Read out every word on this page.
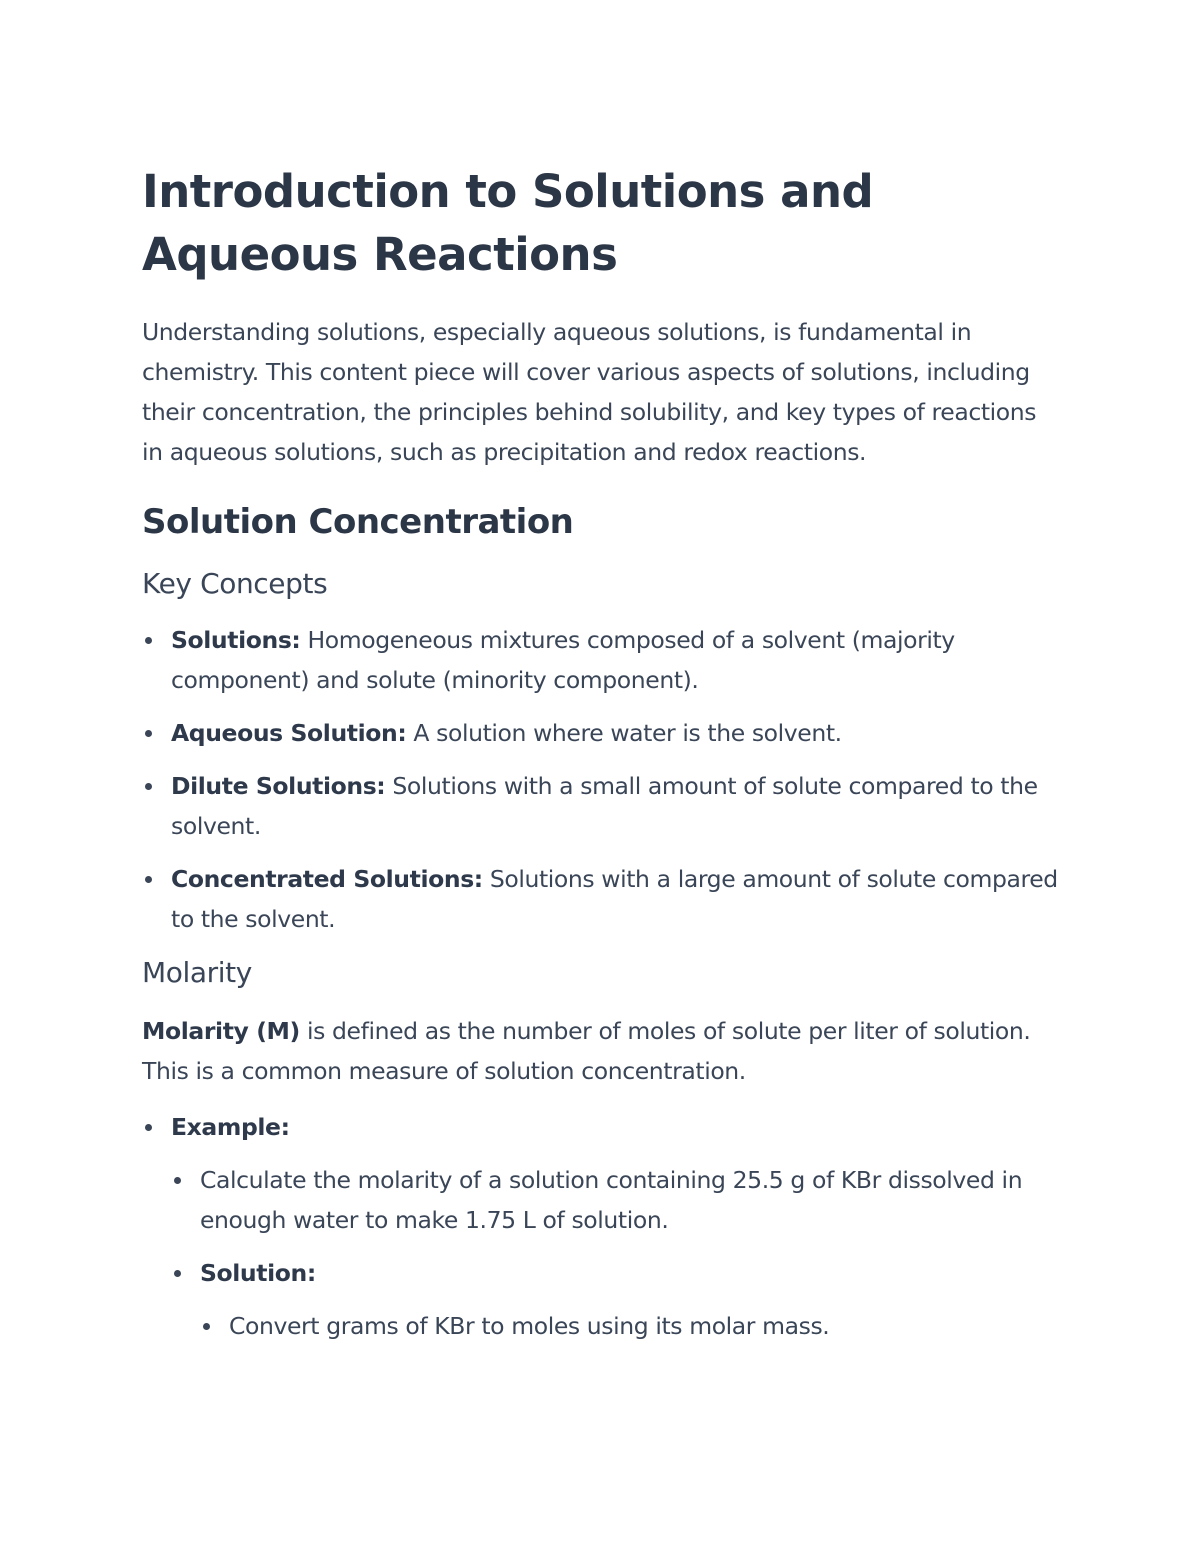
Introduction to Solutions and Aqueous Reactions

Understanding solutions, especially aqueous solutions, is fundamental in chemistry. This content piece will cover various aspects of solutions, including their concentration, the principles behind solubility, and key types of reactions in aqueous solutions, such as precipitation and redox reactions.

Solution Concentration
Key Concepts
Solutions: Homogeneous mixtures composed of a solvent (majority component) and solute (minority component).
Aqueous Solution: A solution where water is the solvent.
Dilute Solutions: Solutions with a small amount of solute compared to the solvent.
Concentrated Solutions: Solutions with a large amount of solute compared to the solvent.
Molarity

Molarity (M) is defined as the number of moles of solute per liter of solution. This is a common measure of solution concentration.

Example:
Calculate the molarity of a solution containing 25.5 g of KBr dissolved in enough water to make 1.75 L of solution.
Solution:
Convert grams of KBr to moles using its molar mass.
